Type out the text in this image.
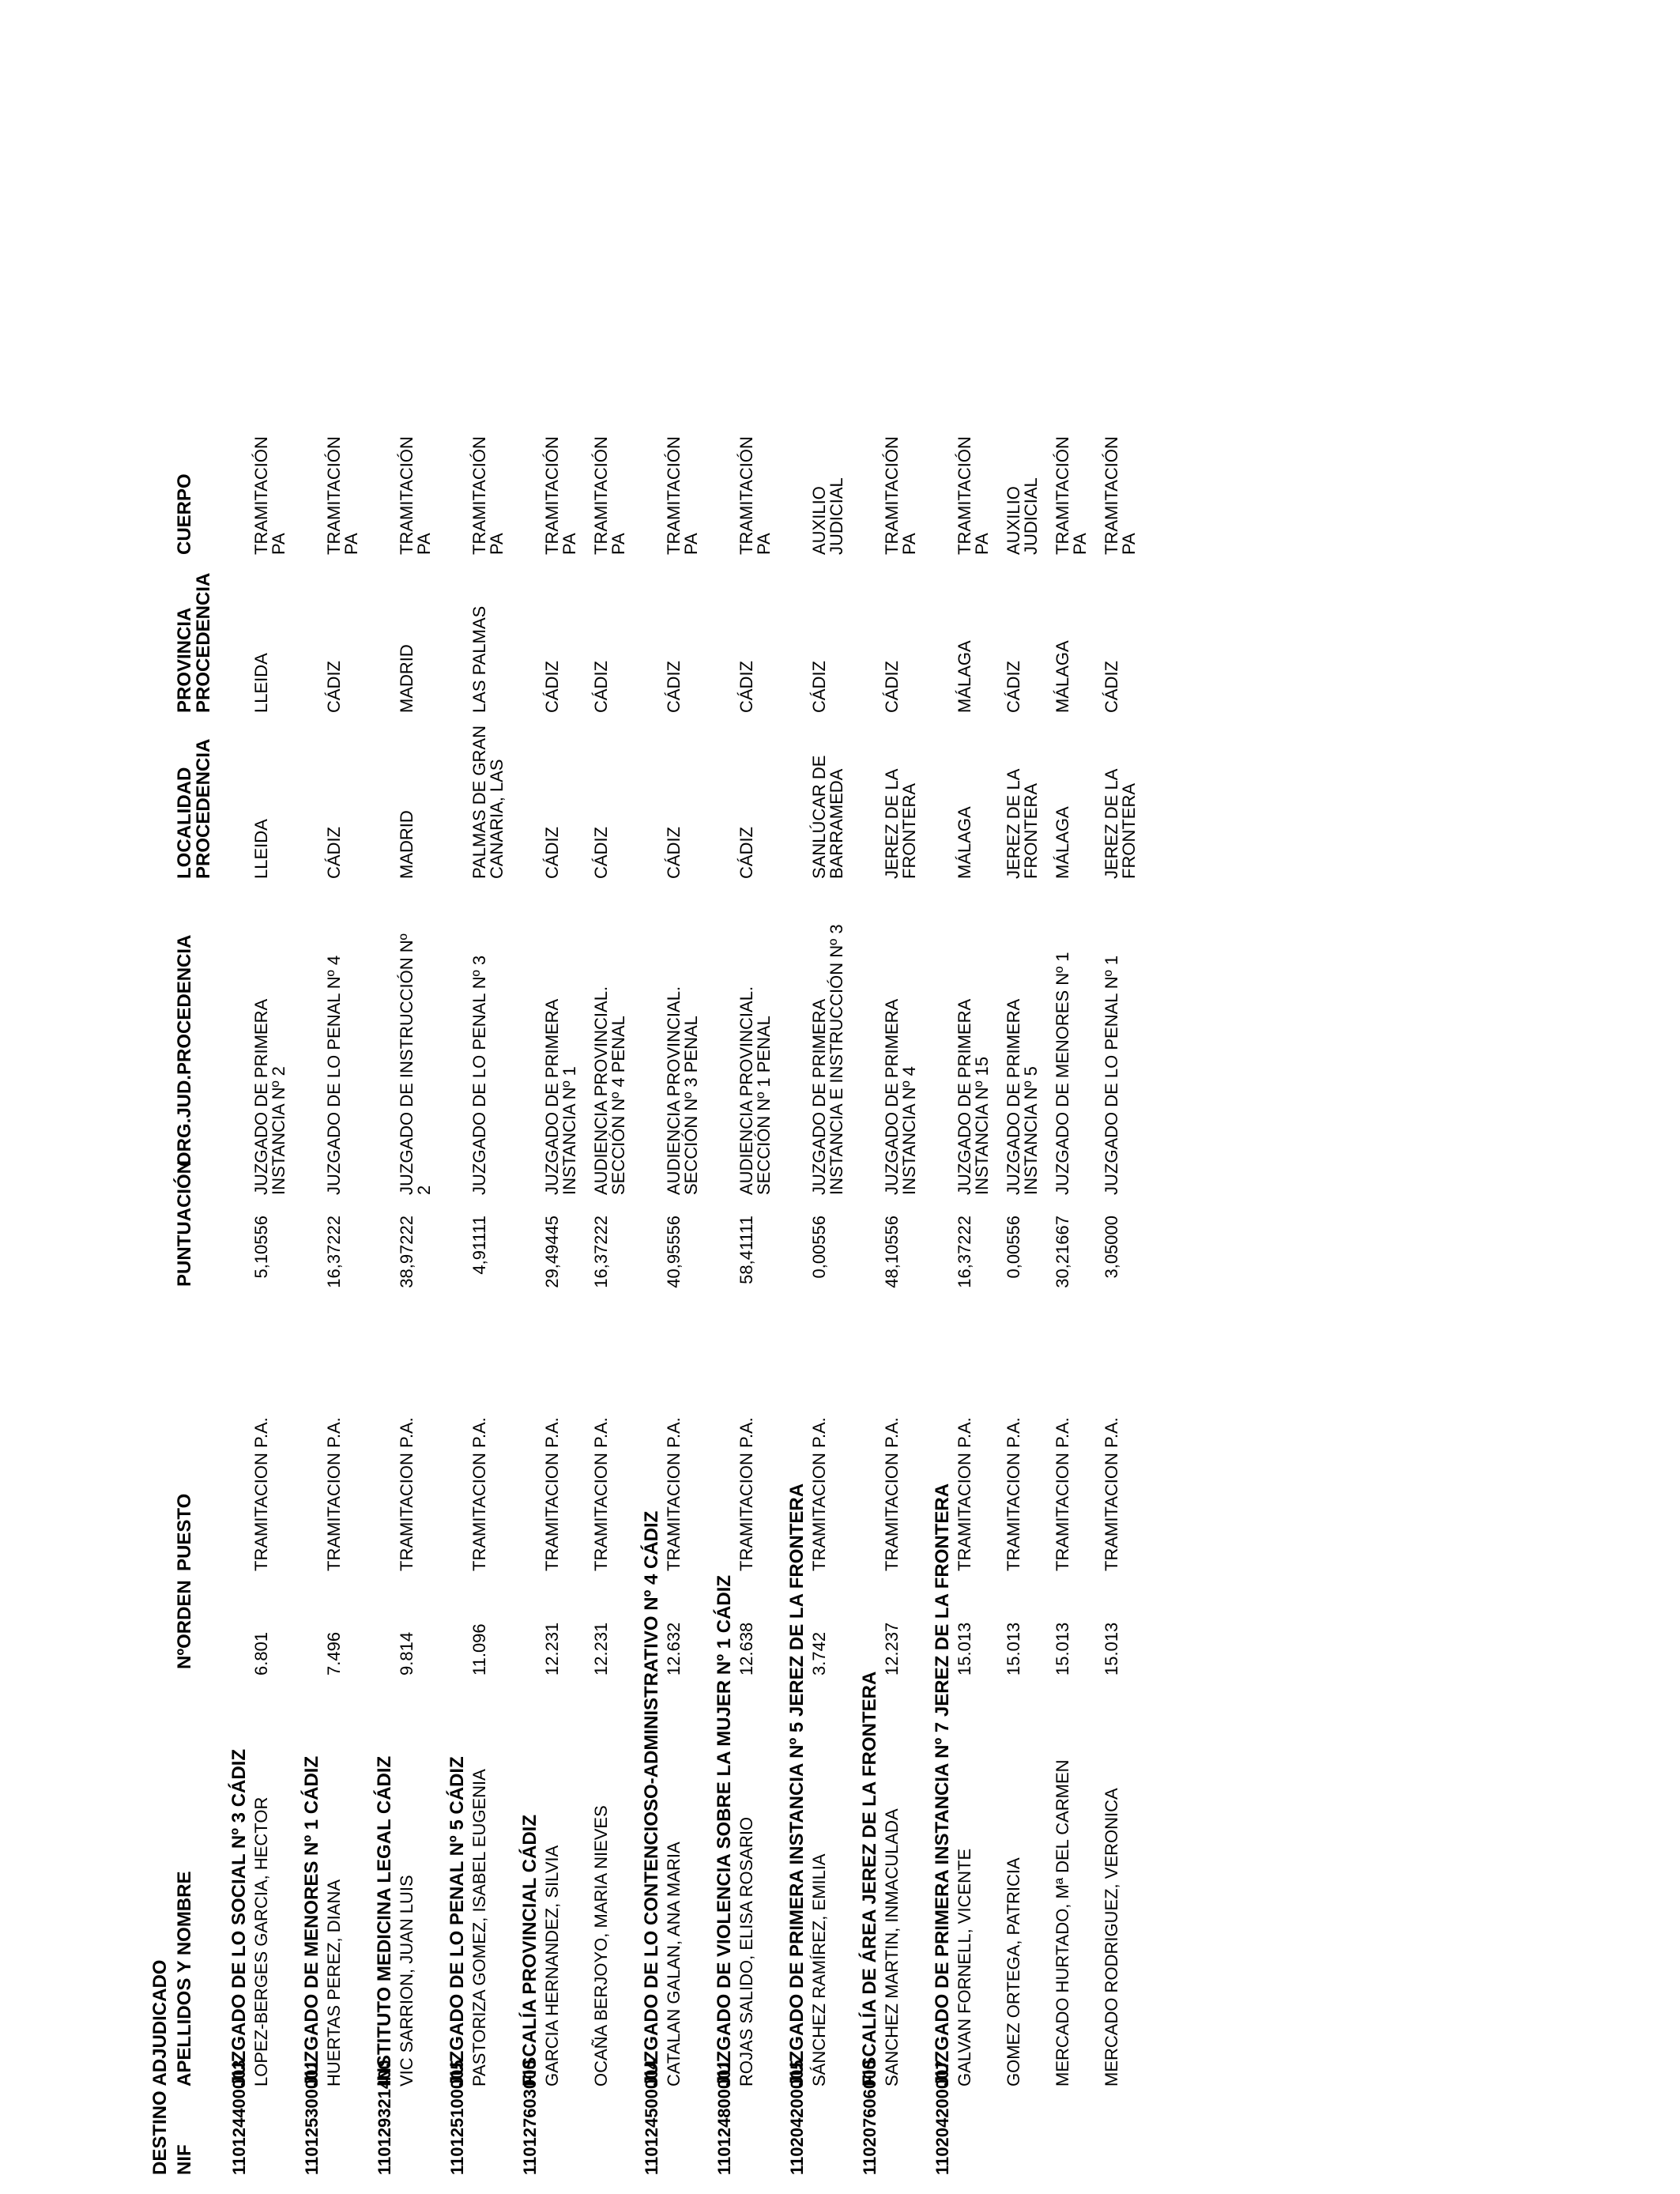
DESTINO ADJUDICADO NIF
APELLIDOS Y NOMBRE
NºORDEN
PUESTO
PUNTUACIÓN
ORG.JUD.PROCEDENCIA
LOCALIDAD
PROCEDENCIA
PROVINCIA
PROCEDENCIA
CUERPO
110124400003
JUZGADO DE LO SOCIAL Nº 3 CÁDIZ LOPEZ-BERGES GARCIA, HECTOR
6.801
TRAMITACION P.A.
5,10556
JUZGADO DE PRIMERA
INSTANCIA Nº 2
LLEIDA
LLEIDA
TRAMITACIÓN
PA
110125300001
JUZGADO DE MENORES Nº 1 CÁDIZ HUERTAS PEREZ, DIANA
7.496
TRAMITACION P.A.
16,37222
JUZGADO DE LO PENAL Nº 4
CÁDIZ
CÁDIZ
TRAMITACIÓN
PA
110129321400
INSTITUTO MEDICINA LEGAL CÁDIZ VIC SARRION, JUAN LUIS
9.814
TRAMITACION P.A.
38,97222
JUZGADO DE INSTRUCCIÓN Nº
2
MADRID
MADRID
TRAMITACIÓN
PA
110125100005
JUZGADO DE LO PENAL Nº 5 CÁDIZ PASTORIZA GOMEZ, ISABEL EUGENIA
11.096
TRAMITACION P.A.
4,91111
JUZGADO DE LO PENAL Nº 3
PALMAS DE GRAN
CANARIA, LAS
LAS PALMAS
TRAMITACIÓN
PA
110127603000
FISCALÍA PROVINCIAL CÁDIZ GARCIA HERNANDEZ, SILVIA
12.231
TRAMITACION P.A.
29,49445
JUZGADO DE PRIMERA
INSTANCIA Nº 1
CÁDIZ
CÁDIZ
TRAMITACIÓN
PA
OCAÑA BERJOYO, MARIA NIEVES
12.231
TRAMITACION P.A.
16,37222
AUDIENCIA PROVINCIAL.
SECCIÓN Nº 4 PENAL
CÁDIZ
CÁDIZ
TRAMITACIÓN
PA
110124500004
JUZGADO DE LO CONTENCIOSO-ADMINISTRATIVO Nº 4 CÁDIZ CATALAN GALAN, ANA MARIA
12.632
TRAMITACION P.A.
40,95556
AUDIENCIA PROVINCIAL.
SECCIÓN Nº 3 PENAL
CÁDIZ
CÁDIZ
TRAMITACIÓN
PA
110124800001
JUZGADO DE VIOLENCIA SOBRE LA MUJER Nº 1 CÁDIZ ROJAS SALIDO, ELISA ROSARIO
12.638
TRAMITACION P.A.
58,41111
AUDIENCIA PROVINCIAL.
SECCIÓN Nº 1 PENAL
CÁDIZ
CÁDIZ
TRAMITACIÓN
PA
110204200005
JUZGADO DE PRIMERA INSTANCIA Nº 5 JEREZ DE LA FRONTERA SÁNCHEZ RAMÍREZ, EMILIA
3.742
TRAMITACION P.A.
0,00556
JUZGADO DE PRIMERA
INSTANCIA E INSTRUCCIÓN Nº 3
SANLÚCAR DE
BARRAMEDA
CÁDIZ
AUXILIO
JUDICIAL
110207606000
FISCALÍA DE ÁREA JEREZ DE LA FRONTERA SANCHEZ MARTIN, INMACULADA
12.237
TRAMITACION P.A.
48,10556
JUZGADO DE PRIMERA
INSTANCIA Nº 4
JEREZ DE LA
FRONTERA
CÁDIZ
TRAMITACIÓN
PA
110204200007
JUZGADO DE PRIMERA INSTANCIA Nº 7 JEREZ DE LA FRONTERA GALVAN FORNELL, VICENTE
15.013
TRAMITACION P.A.
16,37222
JUZGADO DE PRIMERA
INSTANCIA Nº 15
MÁLAGA
MÁLAGA
TRAMITACIÓN
PA
GOMEZ ORTEGA, PATRICIA
15.013
TRAMITACION P.A.
0,00556
JUZGADO DE PRIMERA
INSTANCIA Nº 5
JEREZ DE LA
FRONTERA
CÁDIZ
AUXILIO
JUDICIAL
MERCADO HURTADO, Mª DEL CARMEN
15.013
TRAMITACION P.A.
30,21667
JUZGADO DE MENORES Nº 1
MÁLAGA
MÁLAGA
TRAMITACIÓN
PA
MERCADO RODRIGUEZ, VERONICA
15.013
TRAMITACION P.A.
3,05000
JUZGADO DE LO PENAL Nº 1
JEREZ DE LA
FRONTERA
CÁDIZ
TRAMITACIÓN
PA
